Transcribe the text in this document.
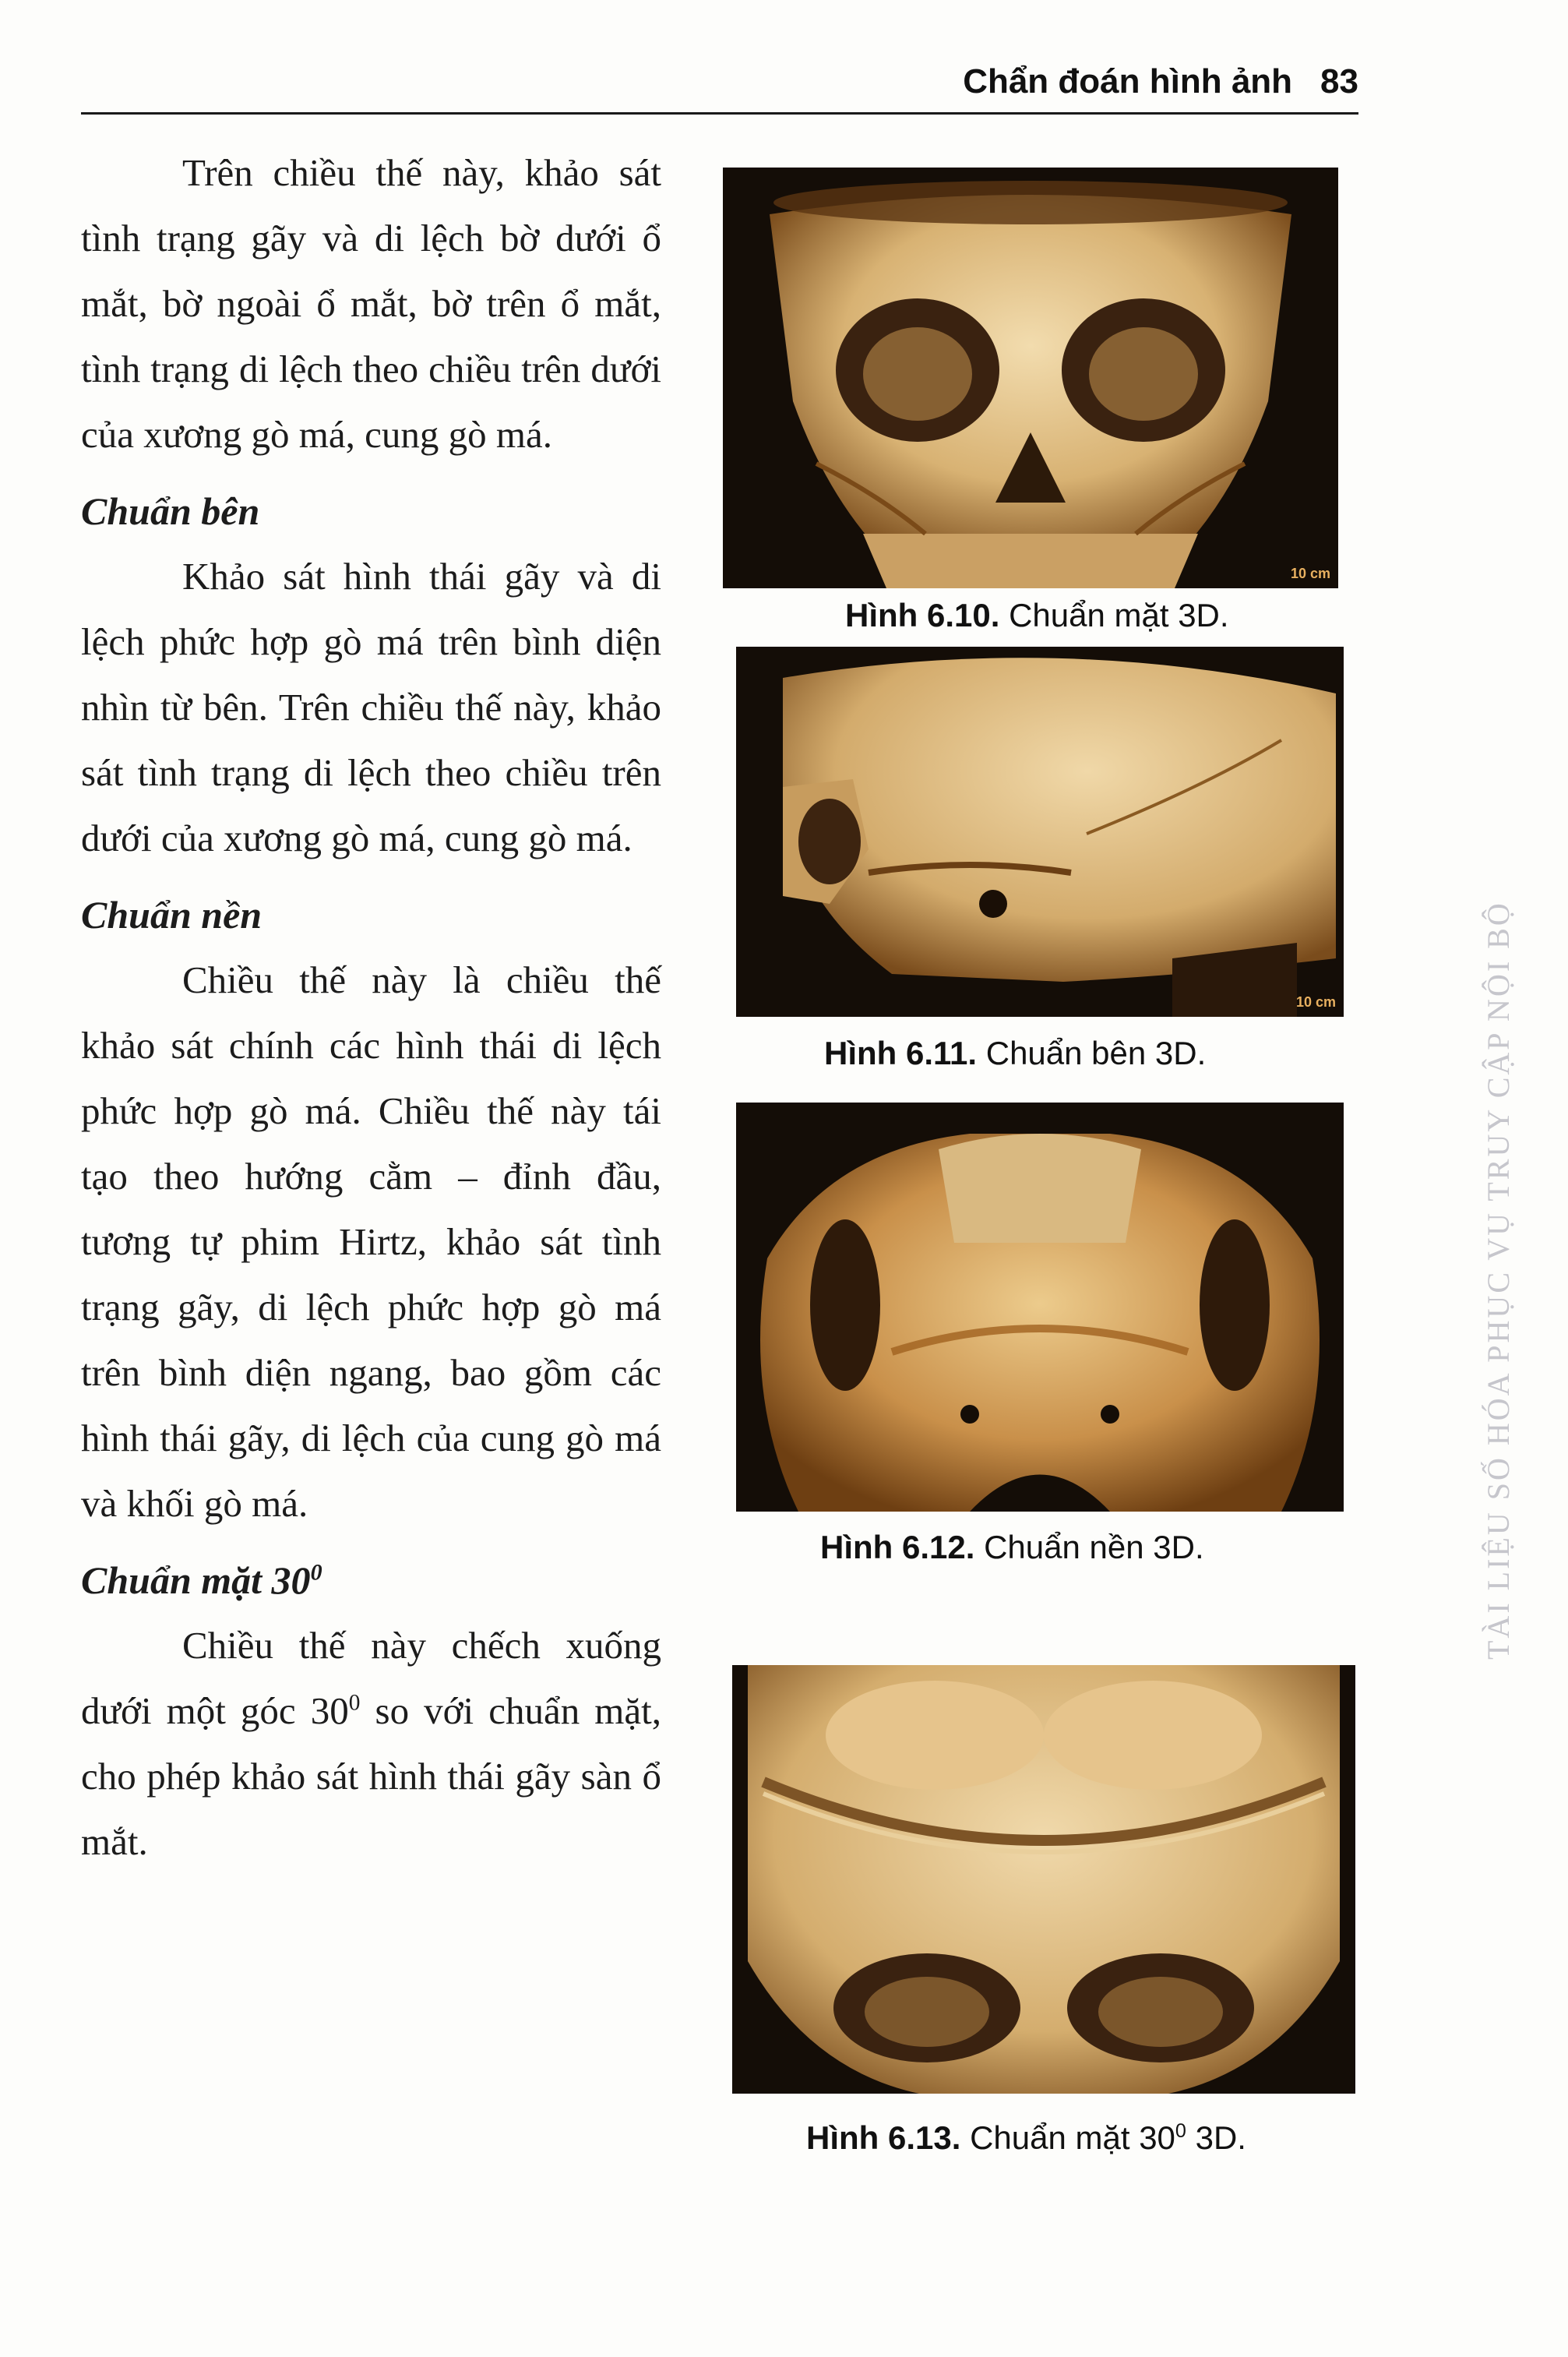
Chẩn đoán hình ảnh 83

Trên chiều thế này, khảo sát tình trạng gãy và di lệch bờ dưới ổ mắt, bờ ngoài ổ mắt, bờ trên ổ mắt, tình trạng di lệch theo chiều trên dưới của xương gò má, cung gò má.

Chuẩn bên

Khảo sát hình thái gãy và di lệch phức hợp gò má trên bình diện nhìn từ bên. Trên chiều thế này, khảo sát tình trạng di lệch theo chiều trên dưới của xương gò má, cung gò má.

Chuẩn nền

Chiều thế này là chiều thế khảo sát chính các hình thái di lệch phức hợp gò má. Chiều thế này tái tạo theo hướng cằm – đỉnh đầu, tương tự phim Hirtz, khảo sát tình trạng gãy, di lệch phức hợp gò má trên bình diện ngang, bao gồm các hình thái gãy, di lệch của cung gò má và khối gò má.

Chuẩn mặt $30^0$

Chiều thế này chếch xuống dưới một góc $30^0$ so với chuẩn mặt, cho phép khảo sát hình thái gãy sàn ổ mắt.

10 cm
Hình 6.10. Chuẩn mặt 3D.
10 cm
Hình 6.11. Chuẩn bên 3D.
Hình 6.12. Chuẩn nền 3D.
Hình 6.13. Chuẩn mặt $30^0$ 3D.
TÀI LIỆU SỐ HÓA PHỤC VỤ TRUY CẬP NỘI BỘ
